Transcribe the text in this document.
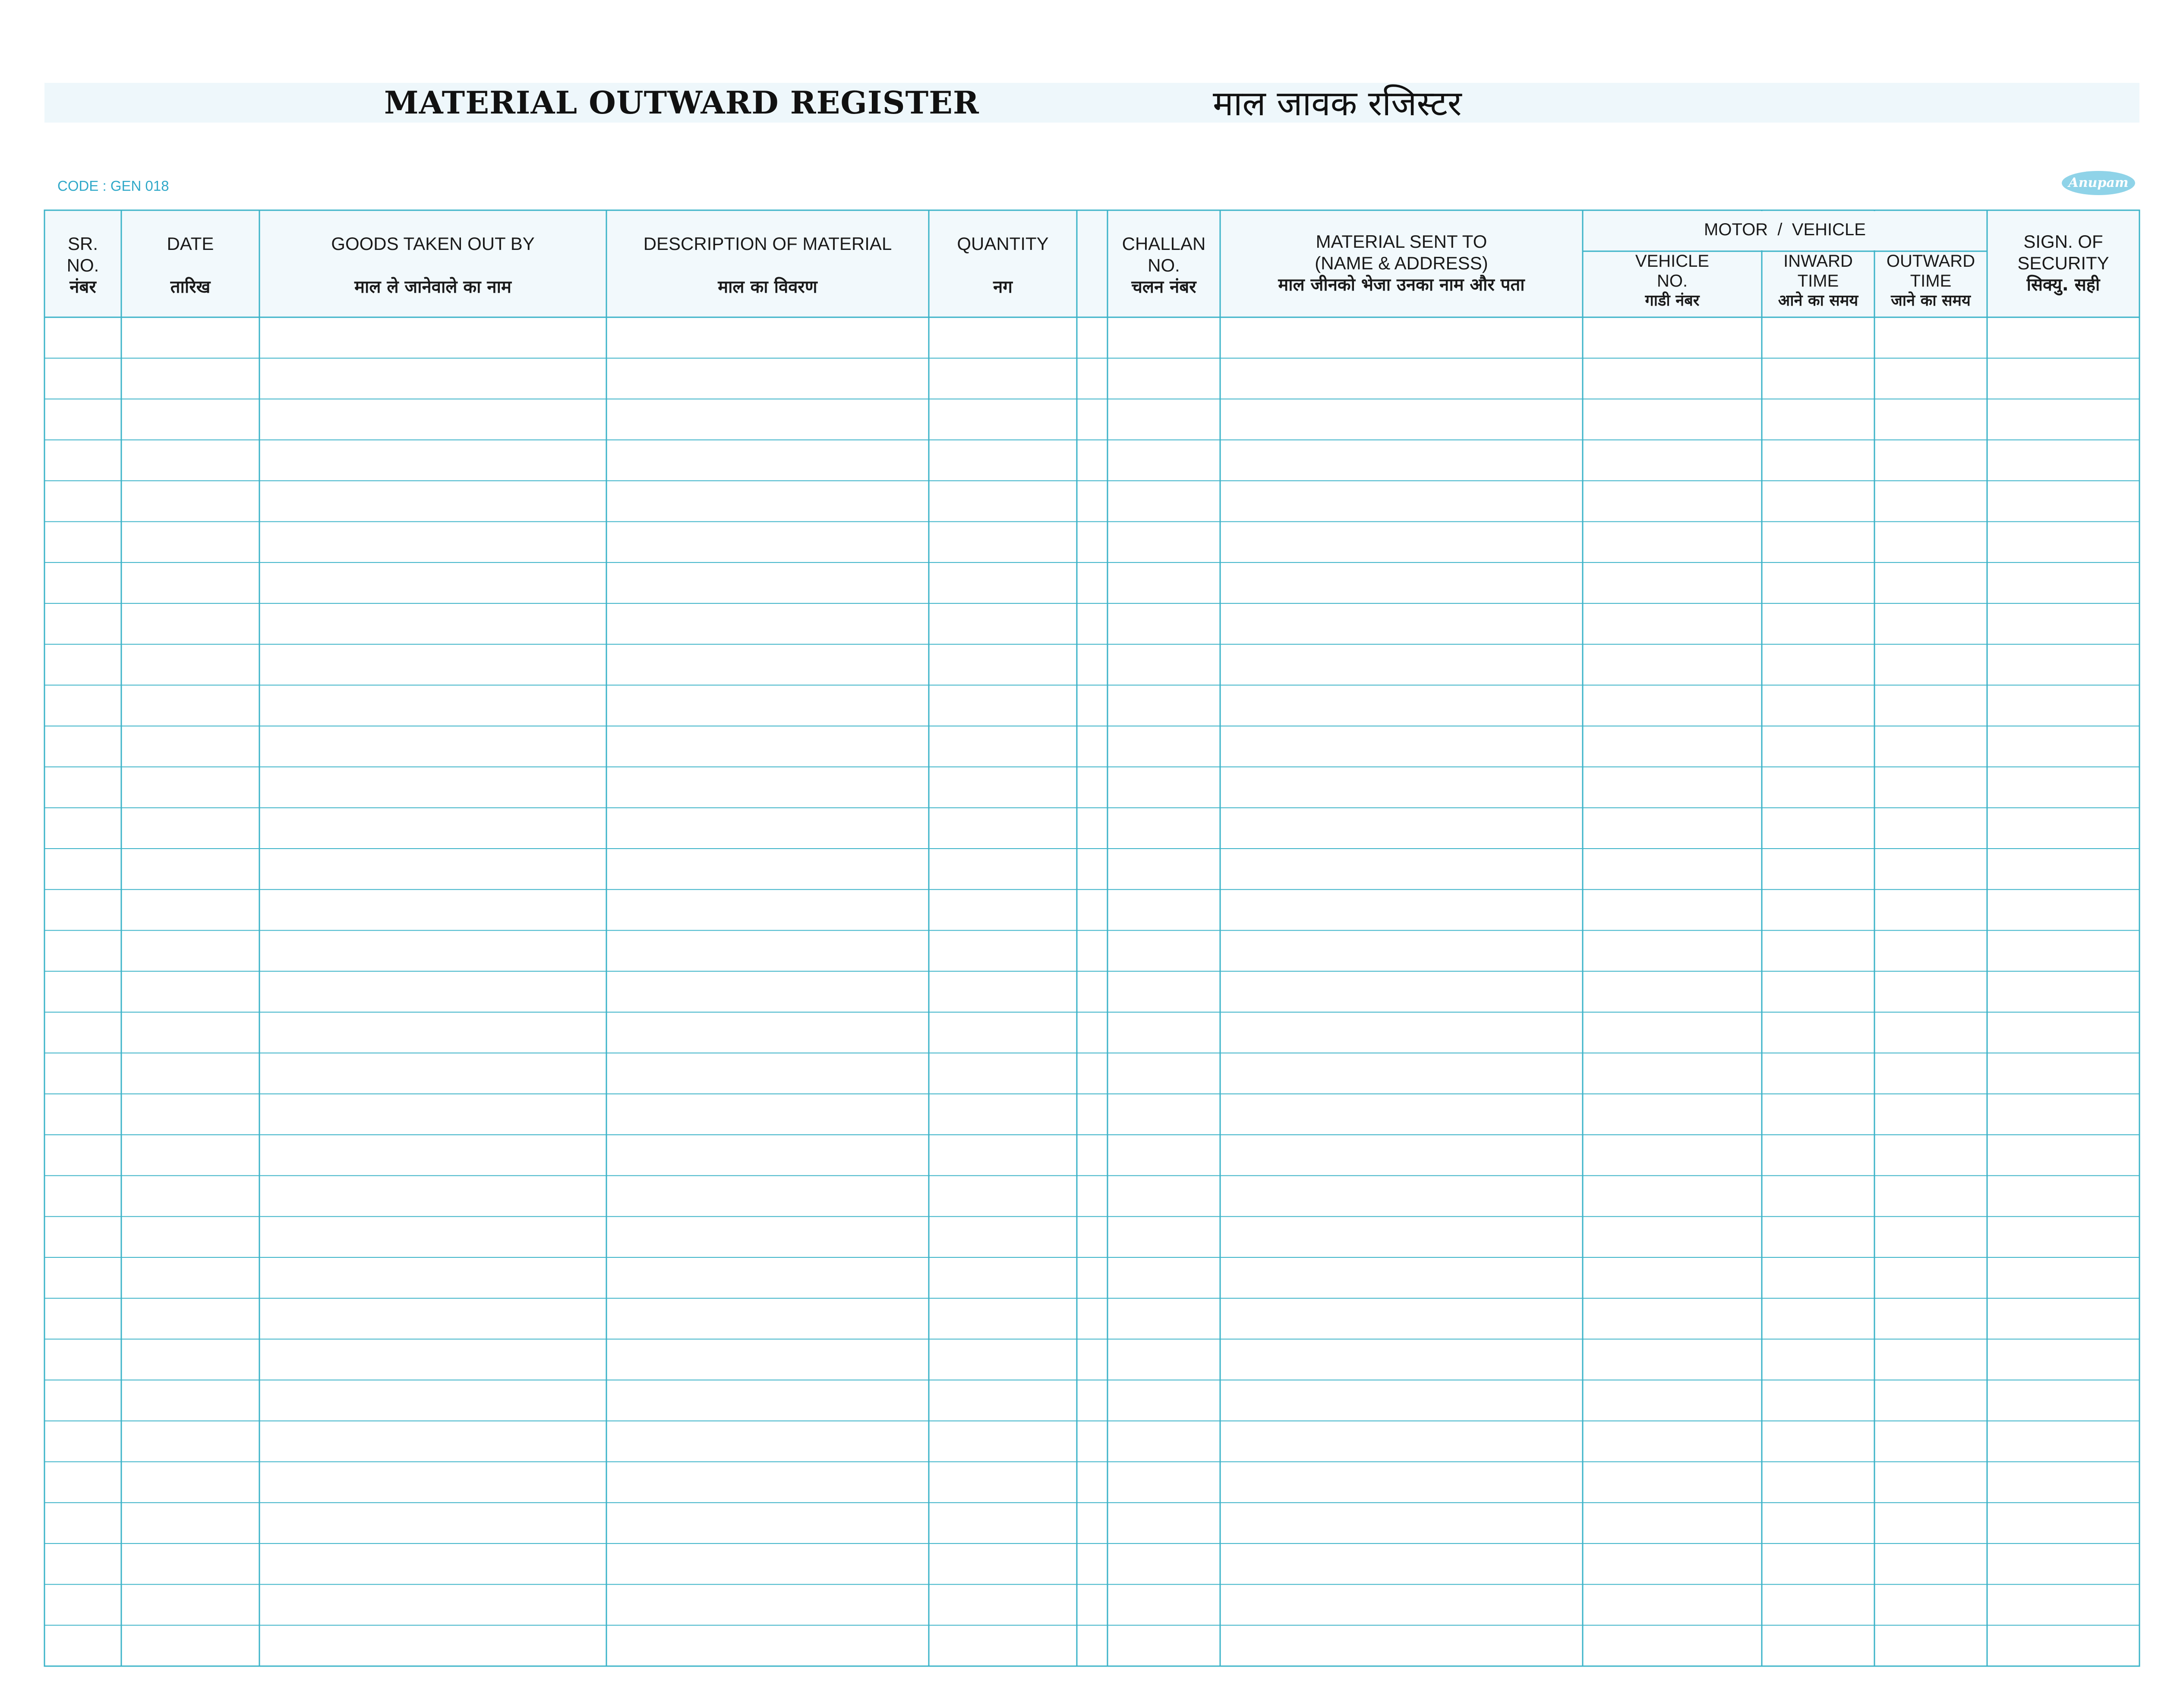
MATERIAL OUTWARD REGISTER	माल जावक रजिस्टर
CODE : GEN 018	Anupam
SR.
NO.
नंबर
DATE
तारिख
GOODS TAKEN OUT BY
माल ले जानेवाले का नाम
DESCRIPTION OF MATERIAL
माल का विवरण
QUANTITY
नग
CHALLAN
NO.
चलन नंबर
MATERIAL SENT TO
(NAME & ADDRESS)
माल जीनको भेजा उनका नाम और पता
MOTOR  /  VEHICLE
VEHICLE
NO.
गाडी नंबर
INWARD
TIME
आने का समय
OUTWARD
TIME
जाने का समय
SIGN. OF
SECURITY
सिक्यु. सही
